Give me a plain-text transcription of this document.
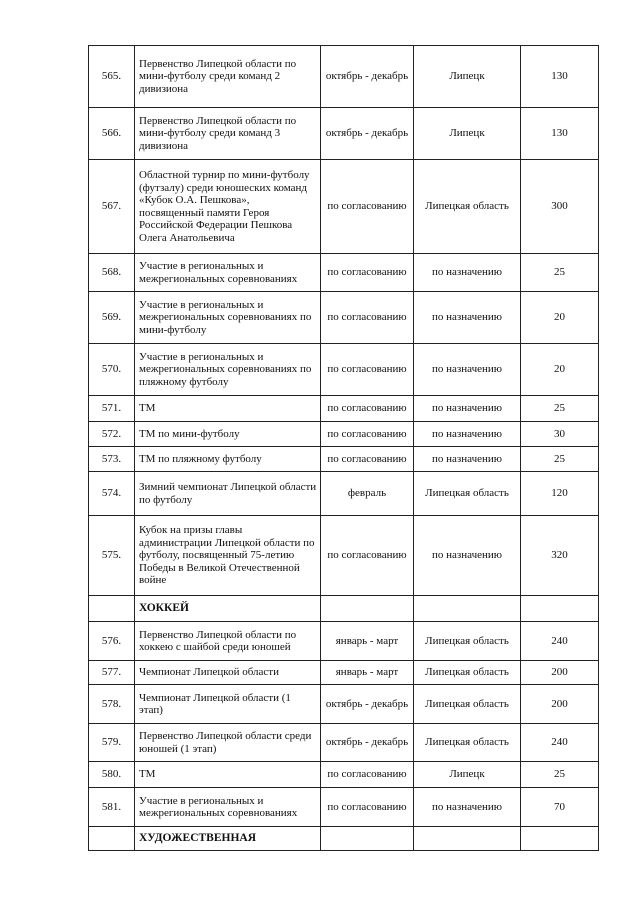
565.	Первенство Липецкой области по мини-футболу среди команд 2 дивизиона	октябрь - декабрь	Липецк	130
566.	Первенство Липецкой области по мини-футболу среди команд 3 дивизиона	октябрь - декабрь	Липецк	130
567.	Областной турнир по мини-футболу (футзалу) среди юношеских команд «Кубок О.А. Пешкова», посвященный памяти Героя Российской Федерации Пешкова Олега Анатольевича	по согласованию	Липецкая область	300
568.	Участие в региональных и межрегиональных соревнованиях	по согласованию	по назначению	25
569.	Участие в региональных и межрегиональных соревнованиях по мини-футболу	по согласованию	по назначению	20
570.	Участие в региональных и межрегиональных соревнованиях по пляжному футболу	по согласованию	по назначению	20
571.	ТМ	по согласованию	по назначению	25
572.	ТМ по мини-футболу	по согласованию	по назначению	30
573.	ТМ по пляжному футболу	по согласованию	по назначению	25
574.	Зимний чемпионат Липецкой области по футболу	февраль	Липецкая область	120
575.	Кубок на призы главы администрации Липецкой области по футболу, посвященный 75-летию Победы в Великой Отечественной войне	по согласованию	по назначению	320
	ХОККЕЙ			
576.	Первенство Липецкой области по хоккею с шайбой среди юношей	январь - март	Липецкая область	240
577.	Чемпионат Липецкой области	январь - март	Липецкая область	200
578.	Чемпионат Липецкой области (1 этап)	октябрь - декабрь	Липецкая область	200
579.	Первенство Липецкой области среди юношей (1 этап)	октябрь - декабрь	Липецкая область	240
580.	ТМ	по согласованию	Липецк	25
581.	Участие в региональных и межрегиональных соревнованиях	по согласованию	по назначению	70
	ХУДОЖЕСТВЕННАЯ			
